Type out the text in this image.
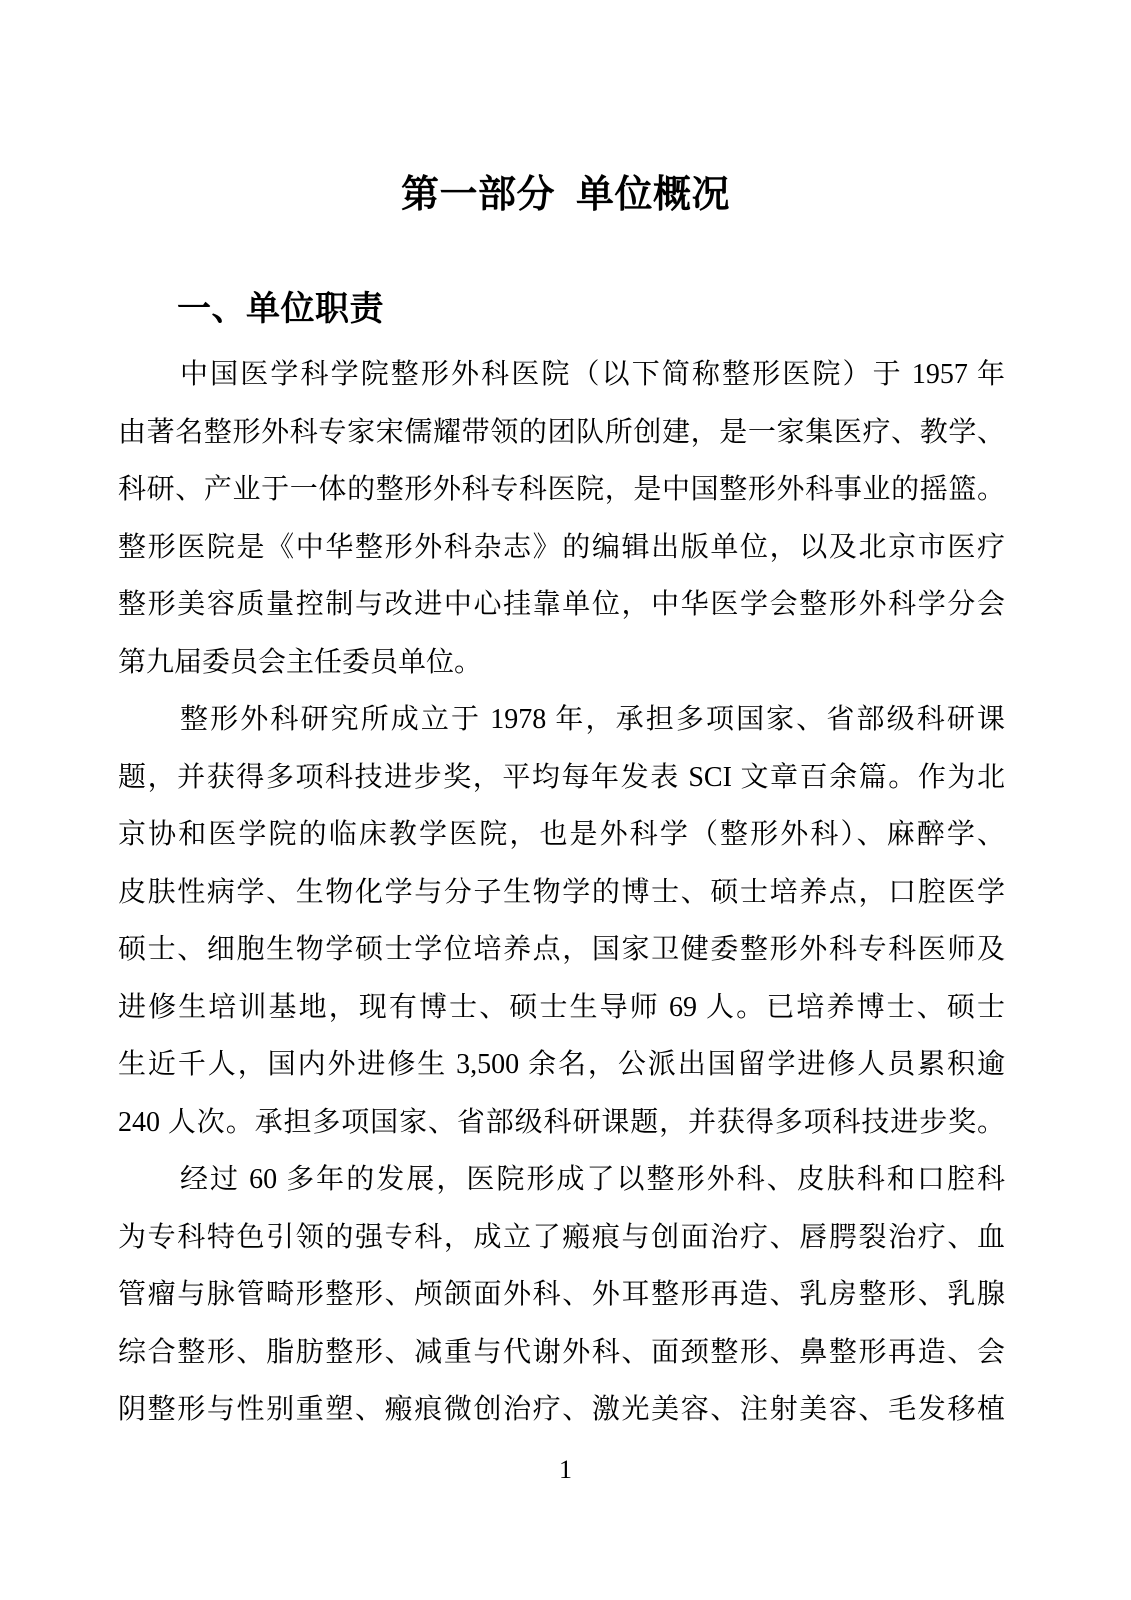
第一部分 单位概况
一、单位职责
中国医学科学院整形外科医院（以下简称整形医院）于 1957 年
由著名整形外科专家宋儒耀带领的团队所创建，是一家集医疗、教学、
科研、产业于一体的整形外科专科医院，是中国整形外科事业的摇篮。
整形医院是《中华整形外科杂志》的编辑出版单位，以及北京市医疗
整形美容质量控制与改进中心挂靠单位，中华医学会整形外科学分会
第九届委员会主任委员单位。
整形外科研究所成立于 1978 年，承担多项国家、省部级科研课
题，并获得多项科技进步奖，平均每年发表 SCI 文章百余篇。作为北
京协和医学院的临床教学医院，也是外科学（整形外科）、麻醉学、
皮肤性病学、生物化学与分子生物学的博士、硕士培养点，口腔医学
硕士、细胞生物学硕士学位培养点，国家卫健委整形外科专科医师及
进修生培训基地，现有博士、硕士生导师 69 人。已培养博士、硕士
生近千人，国内外进修生 3,500 余名，公派出国留学进修人员累积逾
240 人次。承担多项国家、省部级科研课题，并获得多项科技进步奖。
经过 60 多年的发展，医院形成了以整形外科、皮肤科和口腔科
为专科特色引领的强专科，成立了瘢痕与创面治疗、唇腭裂治疗、血
管瘤与脉管畸形整形、颅颌面外科、外耳整形再造、乳房整形、乳腺
综合整形、脂肪整形、减重与代谢外科、面颈整形、鼻整形再造、会
阴整形与性别重塑、瘢痕微创治疗、激光美容、注射美容、毛发移植
1
